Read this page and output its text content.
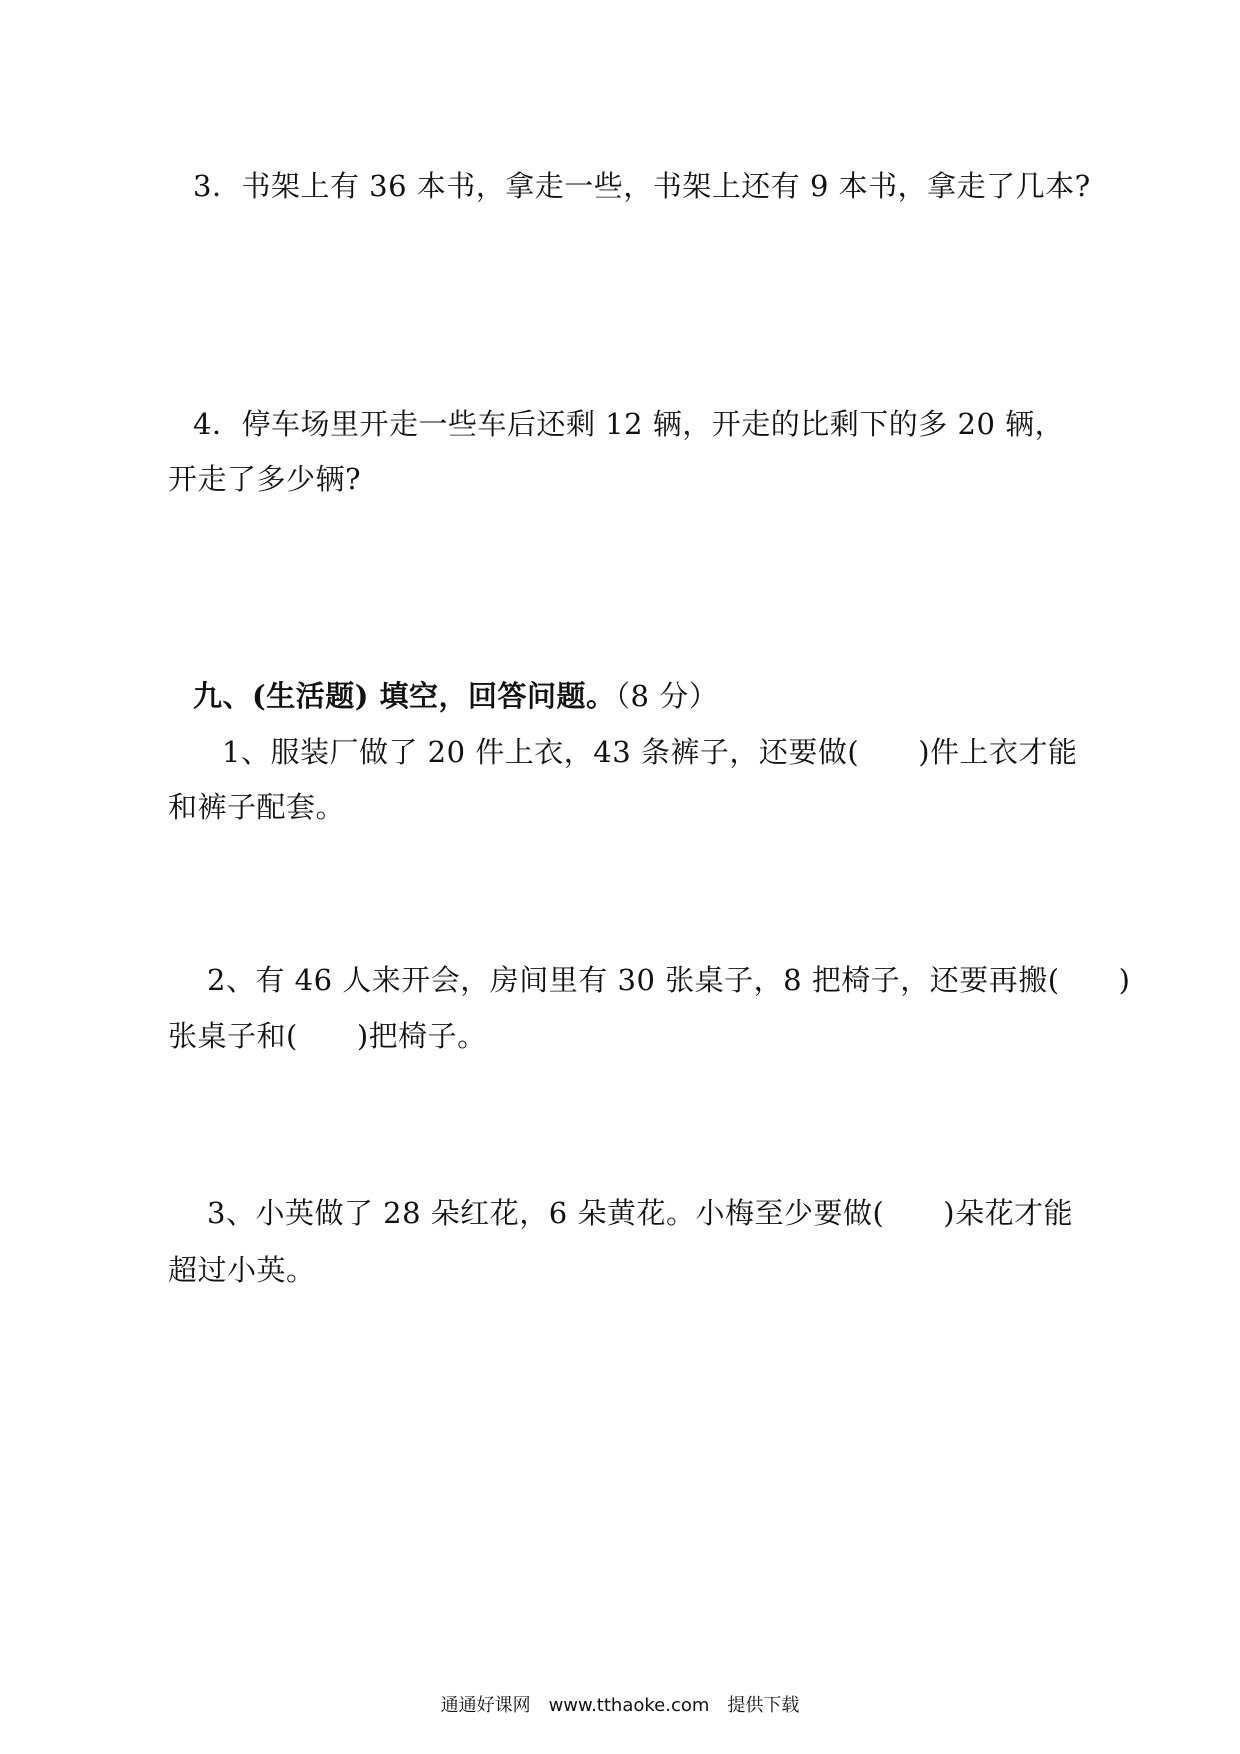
3．书架上有 36 本书，拿走一些，书架上还有 9 本书，拿走了几本?
4．停车场里开走一些车后还剩 12 辆，开走的比剩下的多 20 辆，
开走了多少辆?
九、(生活题) 填空，回答问题。（8 分）
1、服装厂做了 20 件上衣，43 条裤子，还要做(　　)件上衣才能
和裤子配套。
2、有 46 人来开会，房间里有 30 张桌子，8 把椅子，还要再搬(　　)
张桌子和(　　)把椅子。
3、小英做了 28 朵红花，6 朵黄花。小梅至少要做(　　)朵花才能
超过小英。
通通好课网　www.tthaoke.com　提供下载
